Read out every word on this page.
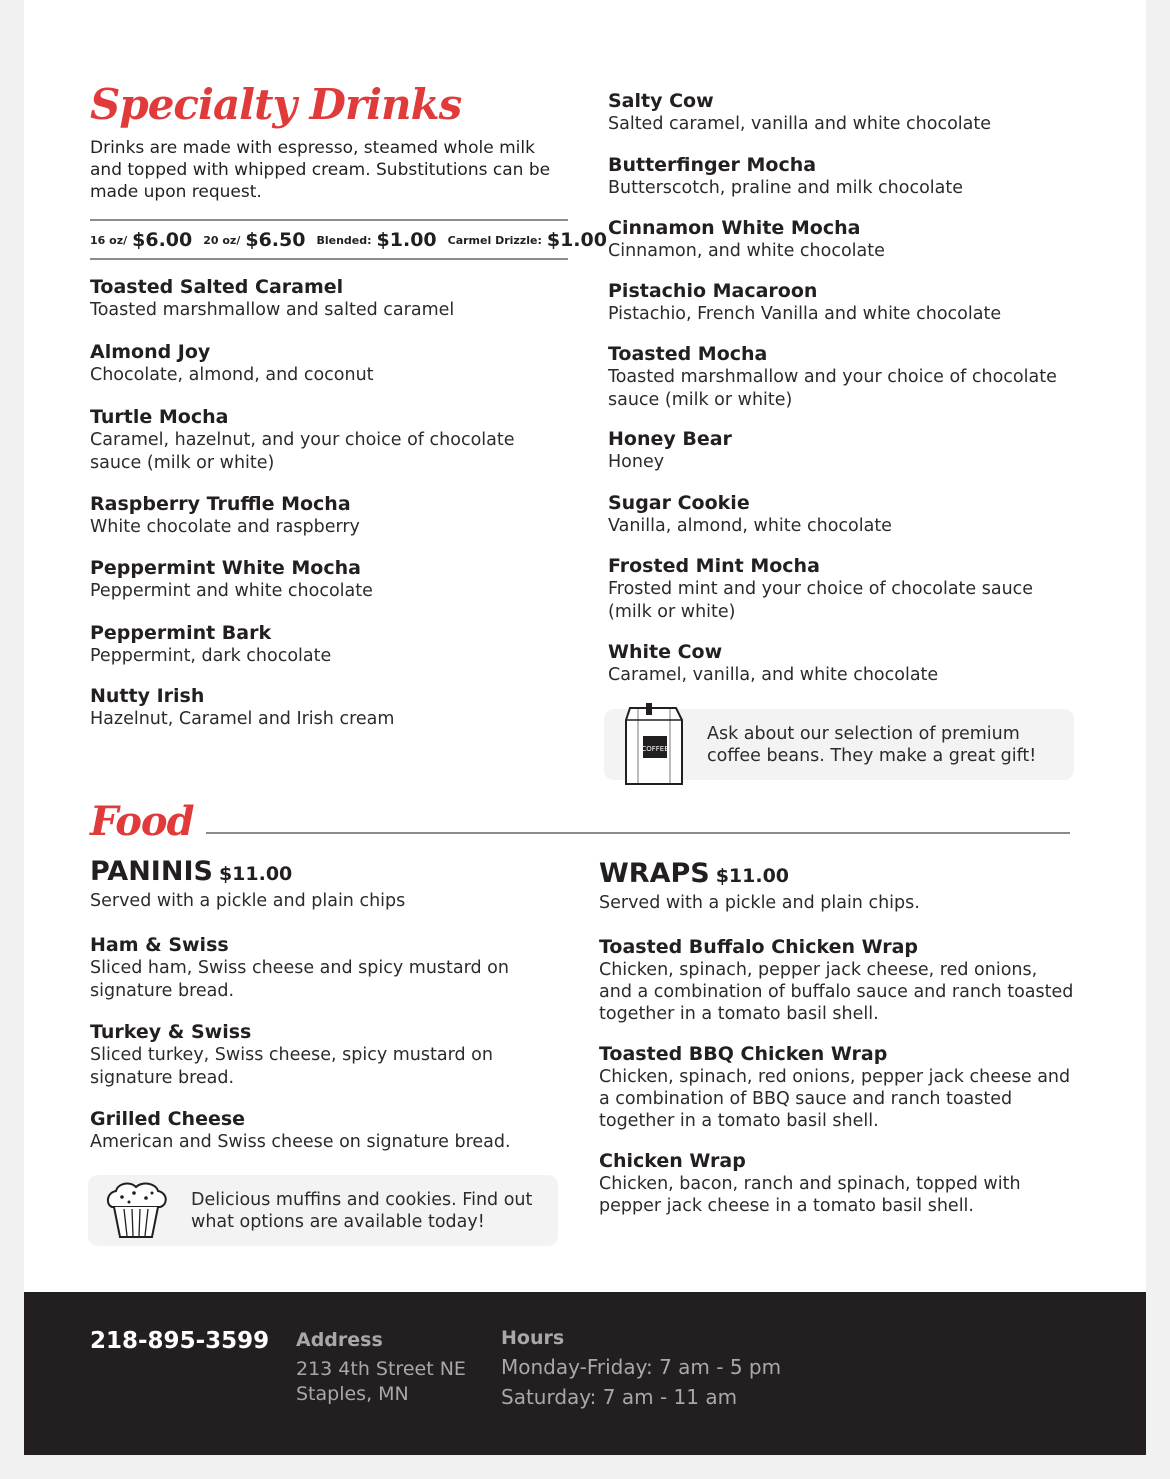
Specialty Drinks
Drinks are made with espresso, steamed whole milk and topped with whipped cream. Substitutions can be made upon request.
16 oz/ $6.00 20 oz/ $6.50 Blended: $1.00 Carmel Drizzle: $1.00
Toasted Salted Caramel
Toasted marshmallow and salted caramel
Almond Joy
Chocolate, almond, and coconut
Turtle Mocha
Caramel, hazelnut, and your choice of chocolate sauce (milk or white)
Raspberry Truffle Mocha
White chocolate and raspberry
Peppermint White Mocha
Peppermint and white chocolate
Peppermint Bark
Peppermint, dark chocolate
Nutty Irish
Hazelnut, Caramel and Irish cream
Salty Cow
Salted caramel, vanilla and white chocolate
Butterfinger Mocha
Butterscotch, praline and milk chocolate
Cinnamon White Mocha
Cinnamon, and white chocolate
Pistachio Macaroon
Pistachio, French Vanilla and white chocolate
Toasted Mocha
Toasted marshmallow and your choice of chocolate sauce (milk or white)
Honey Bear
Honey
Sugar Cookie
Vanilla, almond, white chocolate
Frosted Mint Mocha
Frosted mint and your choice of chocolate sauce (milk or white)
White Cow
Caramel, vanilla, and white chocolate
COFFEE
Ask about our selection of premium coffee beans. They make a great gift!
Food
PANINIS $11.00
Served with a pickle and plain chips
Ham & Swiss
Sliced ham, Swiss cheese and spicy mustard on signature bread.
Turkey & Swiss
Sliced turkey, Swiss cheese, spicy mustard on signature bread.
Grilled Cheese
American and Swiss cheese on signature bread.
Delicious muffins and cookies. Find out what options are available today!
WRAPS $11.00
Served with a pickle and plain chips.
Toasted Buffalo Chicken Wrap
Chicken, spinach, pepper jack cheese, red onions, and a combination of buffalo sauce and ranch toasted together in a tomato basil shell.
Toasted BBQ Chicken Wrap
Chicken, spinach, red onions, pepper jack cheese and a combination of BBQ sauce and ranch toasted together in a tomato basil shell.
Chicken Wrap
Chicken, bacon, ranch and spinach, topped with pepper jack cheese in a tomato basil shell.
218-895-3599 Address
213 4th Street NE
Staples, MN
Hours
Monday-Friday: 7 am - 5 pm
Saturday: 7 am - 11 am
